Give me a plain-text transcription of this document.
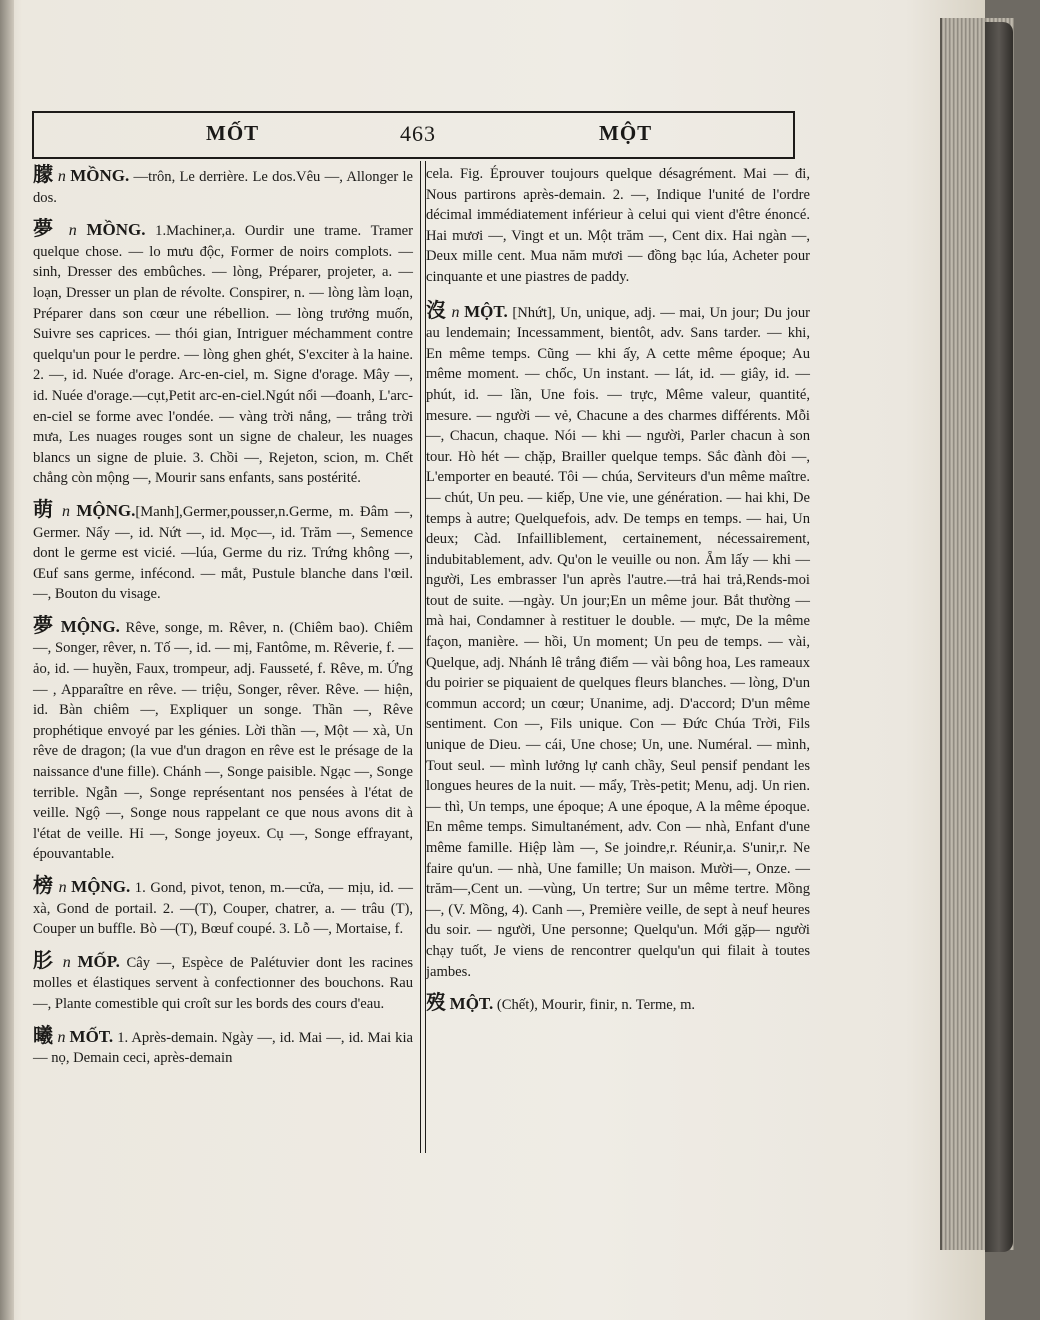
MỐT	463	MỘT

朦 n MỒNG. —trôn, Le derrière. Le dos.Vêu —, Allonger le dos.

夢 n MỒNG. 1.Machiner,a. Ourdir une trame. Tramer quelque chose. — lo mưu độc, Former de noirs complots. — sinh, Dresser des embûches. — lòng, Préparer, projeter, a. — loạn, Dresser un plan de révolte. Conspirer, n. — lòng làm loạn, Préparer dans son cœur une rébellion. — lòng trưởng muốn, Suivre ses caprices. — thói gian, Intriguer méchamment contre quelqu'un pour le perdre. — lòng ghen ghét, S'exciter à la haine. 2. —, id. Nuée d'orage. Arc-en-ciel, m. Signe d'orage. Mây —, id. Nuée d'orage.—cụt,Petit arc-en-ciel.Ngút nổi —đoanh, L'arc-en-ciel se forme avec l'ondée. — vàng trời nắng, — trắng trời mưa, Les nuages rouges sont un signe de chaleur, les nuages blancs un signe de pluie. 3. Chồi —, Rejeton, scion, m. Chết chẳng còn mộng —, Mourir sans enfants, sans postérité.

萌 n MỘNG.[Manh],Germer,pousser,n.Germe, m. Đâm —, Germer. Nẩy —, id. Nứt —, id. Mọc—, id. Trăm —, Semence dont le germe est vicié. —lúa, Germe du riz. Trứng không —, Œuf sans germe, infécond. — mắt, Pustule blanche dans l'œil. —, Bouton du visage.

夢 MỘNG. Rêve, songe, m. Rêver, n. (Chiêm bao). Chiêm —, Songer, rêver, n. Tố —, id. — mị, Fantôme, m. Rêverie, f. — ảo, id. — huyền, Faux, trompeur, adj. Fausseté, f. Rêve, m. Ứng — , Apparaître en rêve. — triệu, Songer, rêver. Rêve. — hiện, id. Bàn chiêm —, Expliquer un songe. Thần —, Rêve prophétique envoyé par les génies. Lời thần —, Một — xà, Un rêve de dragon; (la vue d'un dragon en rêve est le présage de la naissance d'une fille). Chánh —, Songe paisible. Ngạc —, Songe terrible. Ngẫn —, Songe représentant nos pensées à l'état de veille. Ngộ —, Songe nous rappelant ce que nous avons dit à l'état de veille. Hỉ —, Songe joyeux. Cụ —, Songe effrayant, épouvantable.

榜 n MỘNG. 1. Gond, pivot, tenon, m.—cửa, — mịu, id. — xà, Gond de portail. 2. —(T), Couper, chatrer, a. — trâu (T), Couper un buffle. Bò —(T), Bœuf coupé. 3. Lỗ —, Mortaise, f.

肜 n MỐP. Cây —, Espèce de Palétuvier dont les racines molles et élastiques servent à confectionner des bouchons. Rau —, Plante comestible qui croît sur les bords des cours d'eau.

曦 n MỐT. 1. Après-demain. Ngày —, id. Mai —, id. Mai kia — nọ, Demain ceci, après-demain

cela. Fig. Éprouver toujours quelque désagrément. Mai — đi, Nous partirons après-demain. 2. —, Indique l'unité de l'ordre décimal immédiatement inférieur à celui qui vient d'être énoncé. Hai mươi —, Vingt et un. Một trăm —, Cent dix. Hai ngàn —, Deux mille cent. Mua năm mươi — đồng bạc lúa, Acheter pour cinquante et une piastres de paddy.

沒 n MỘT. [Nhứt], Un, unique, adj. — mai, Un jour; Du jour au lendemain; Incessamment, bientôt, adv. Sans tarder. — khi, En même temps. Cũng — khi ấy, A cette même époque; Au même moment. — chốc, Un instant. — lát, id. — giây, id. — phút, id. — lần, Une fois. — trực, Même valeur, quantité, mesure. — người — vẻ, Chacune a des charmes différents. Mỗi—, Chacun, chaque. Nói — khi — người, Parler chacun à son tour. Hò hét — chặp, Brailler quelque temps. Sắc đành đòi —, L'emporter en beauté. Tôi — chúa, Serviteurs d'un même maître. — chút, Un peu. — kiếp, Une vie, une génération. — hai khi, De temps à autre; Quelquefois, adv. De temps en temps. — hai, Un deux; Càd. Infailliblement, certainement, nécessairement, indubitablement, adv. Qu'on le veuille ou non. Ẵm lấy — khi — người, Les embrasser l'un après l'autre.—trả hai trả,Rends-moi tout de suite. —ngày. Un jour;En un même jour. Bắt thường — mà hai, Condamner à restituer le double. — mực, De la même façon, manière. — hồi, Un moment; Un peu de temps. — vài, Quelque, adj. Nhánh lê trắng điểm — vài bông hoa, Les rameaux du poirier se piquaient de quelques fleurs blanches. — lòng, D'un commun accord; un cœur; Unanime, adj. D'accord; D'un même sentiment. Con —, Fils unique. Con — Đức Chúa Trời, Fils unique de Dieu. — cái, Une chose; Un, une. Numéral. — mình, Tout seul. — mình lưởng lự canh chầy, Seul pensif pendant les longues heures de la nuit. — mẩy, Très-petit; Menu, adj. Un rien. — thì, Un temps, une époque; A une époque, A la même époque. En même temps. Simultanément, adv. Con — nhà, Enfant d'une même famille. Hiệp làm —, Se joindre,r. Réunir,a. S'unir,r. Ne faire qu'un. — nhà, Une famille; Un maison. Mười—, Onze. — trăm—,Cent un. —vùng, Un tertre; Sur un même tertre. Mồng —, (V. Mồng, 4). Canh —, Première veille, de sept à neuf heures du soir. — người, Une personne; Quelqu'un. Mới gặp— người chạy tuốt, Je viens de rencontrer quelqu'un qui filait à toutes jambes.

歿 MỘT. (Chết), Mourir, finir, n. Terme, m.
